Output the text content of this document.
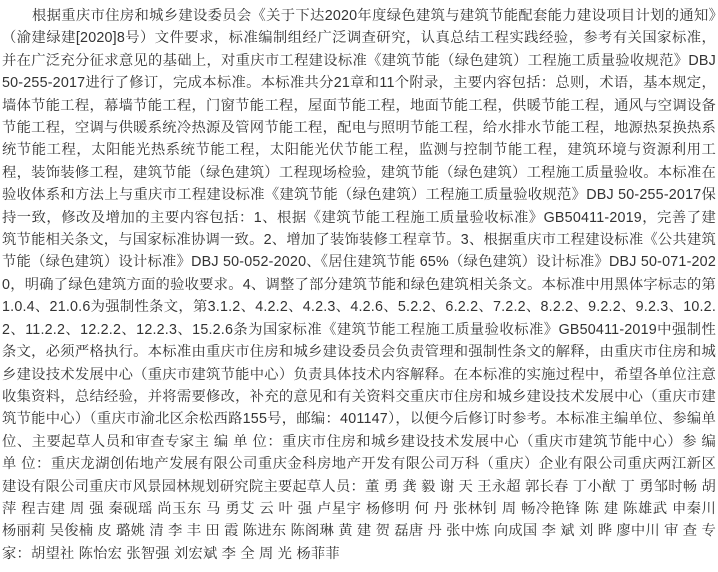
根据重庆市住房和城乡建设委员会《关于下达2020年度绿色建筑与建筑节能配套能力建设项目计划的通知》（渝建绿建[2020]8号）文件要求，标准编制组经广泛调查研究，认真总结工程实践经验，参考有关国家标准，并在广泛充分征求意见的基础上，对重庆市工程建设标准《建筑节能（绿色建筑）工程施工质量验收规范》DBJ 50-255-2017进行了修订，完成本标准。本标准共分21章和11个附录，主要内容包括：总则，术语，基本规定，墙体节能工程，幕墙节能工程，门窗节能工程，屋面节能工程，地面节能工程，供暖节能工程，通风与空调设备节能工程，空调与供暖系统冷热源及管网节能工程，配电与照明节能工程，给水排水节能工程，地源热泵换热系统节能工程，太阳能光热系统节能工程，太阳能光伏节能工程，监测与控制节能工程，建筑环境与资源利用工程，装饰装修工程，建筑节能（绿色建筑）工程现场检验，建筑节能（绿色建筑）工程施工质量验收。本标准在验收体系和方法上与重庆市工程建设标准《建筑节能（绿色建筑）工程施工质量验收规范》DBJ 50-255-2017保持一致，修改及增加的主要内容包括：1、根据《建筑节能工程施工质量验收标准》GB50411-2019，完善了建筑节能相关条文，与国家标准协调一致。2、增加了装饰装修工程章节。3、根据重庆市工程建设标准《公共建筑节能（绿色建筑）设计标准》DBJ 50-052-2020、《居住建筑节能 65%（绿色建筑）设计标准》DBJ 50-071-2020，明确了绿色建筑方面的验收要求。4、调整了部分建筑节能和绿色建筑相关条文。本标准中用黑体字标志的第1.0.4、21.0.6为强制性条文，第3.1.2、4.2.2、4.2.3、4.2.6、5.2.2、6.2.2、7.2.2、8.2.2、9.2.2、9.2.3、10.2.2、11.2.2、12.2.2、12.2.3、15.2.6条为国家标准《建筑节能工程施工质量验收标准》GB50411-2019中强制性条文，必须严格执行。本标准由重庆市住房和城乡建设委员会负责管理和强制性条文的解释，由重庆市住房和城乡建设技术发展中心（重庆市建筑节能中心）负责具体技术内容解释。在本标准的实施过程中，希望各单位注意收集资料，总结经验，并将需要修改，补充的意见和有关资料交重庆市住房和城乡建设技术发展中心（重庆市建筑节能中心）（重庆市渝北区余松西路155号，邮编：401147），以便今后修订时参考。本标准主编单位、参编单位、主要起草人员和审查专家主 编 单 位：重庆市住房和城乡建设技术发展中心（重庆市建筑节能中心）参 编 单 位：重庆龙湖创佑地产发展有限公司重庆金科房地产开发有限公司万科（重庆）企业有限公司重庆两江新区建设有限公司重庆市风景园林规划研究院主要起草人员：董 勇 龚 毅 谢 天 王永超 郭长春 丁小猷 丁 勇邹时畅 胡 萍 程吉建 周 强 秦砚瑶 尚玉东 马 勇艾 云 叶 强 卢星宇 杨修明 何 丹 张林钊 周 畅冷艳锋 陈 建 陈雄武 申秦川 杨丽莉 吴俊楠 皮 璐姚 清 李 丰 田 霞 陈进东 陈阁琳 黄 建 贺 磊唐 丹 张中炼 向成国 李 斌 刘 晔 廖中川 审 查 专 家：胡望社 陈怡宏 张智强 刘宏斌 李 全 周 光 杨菲菲
